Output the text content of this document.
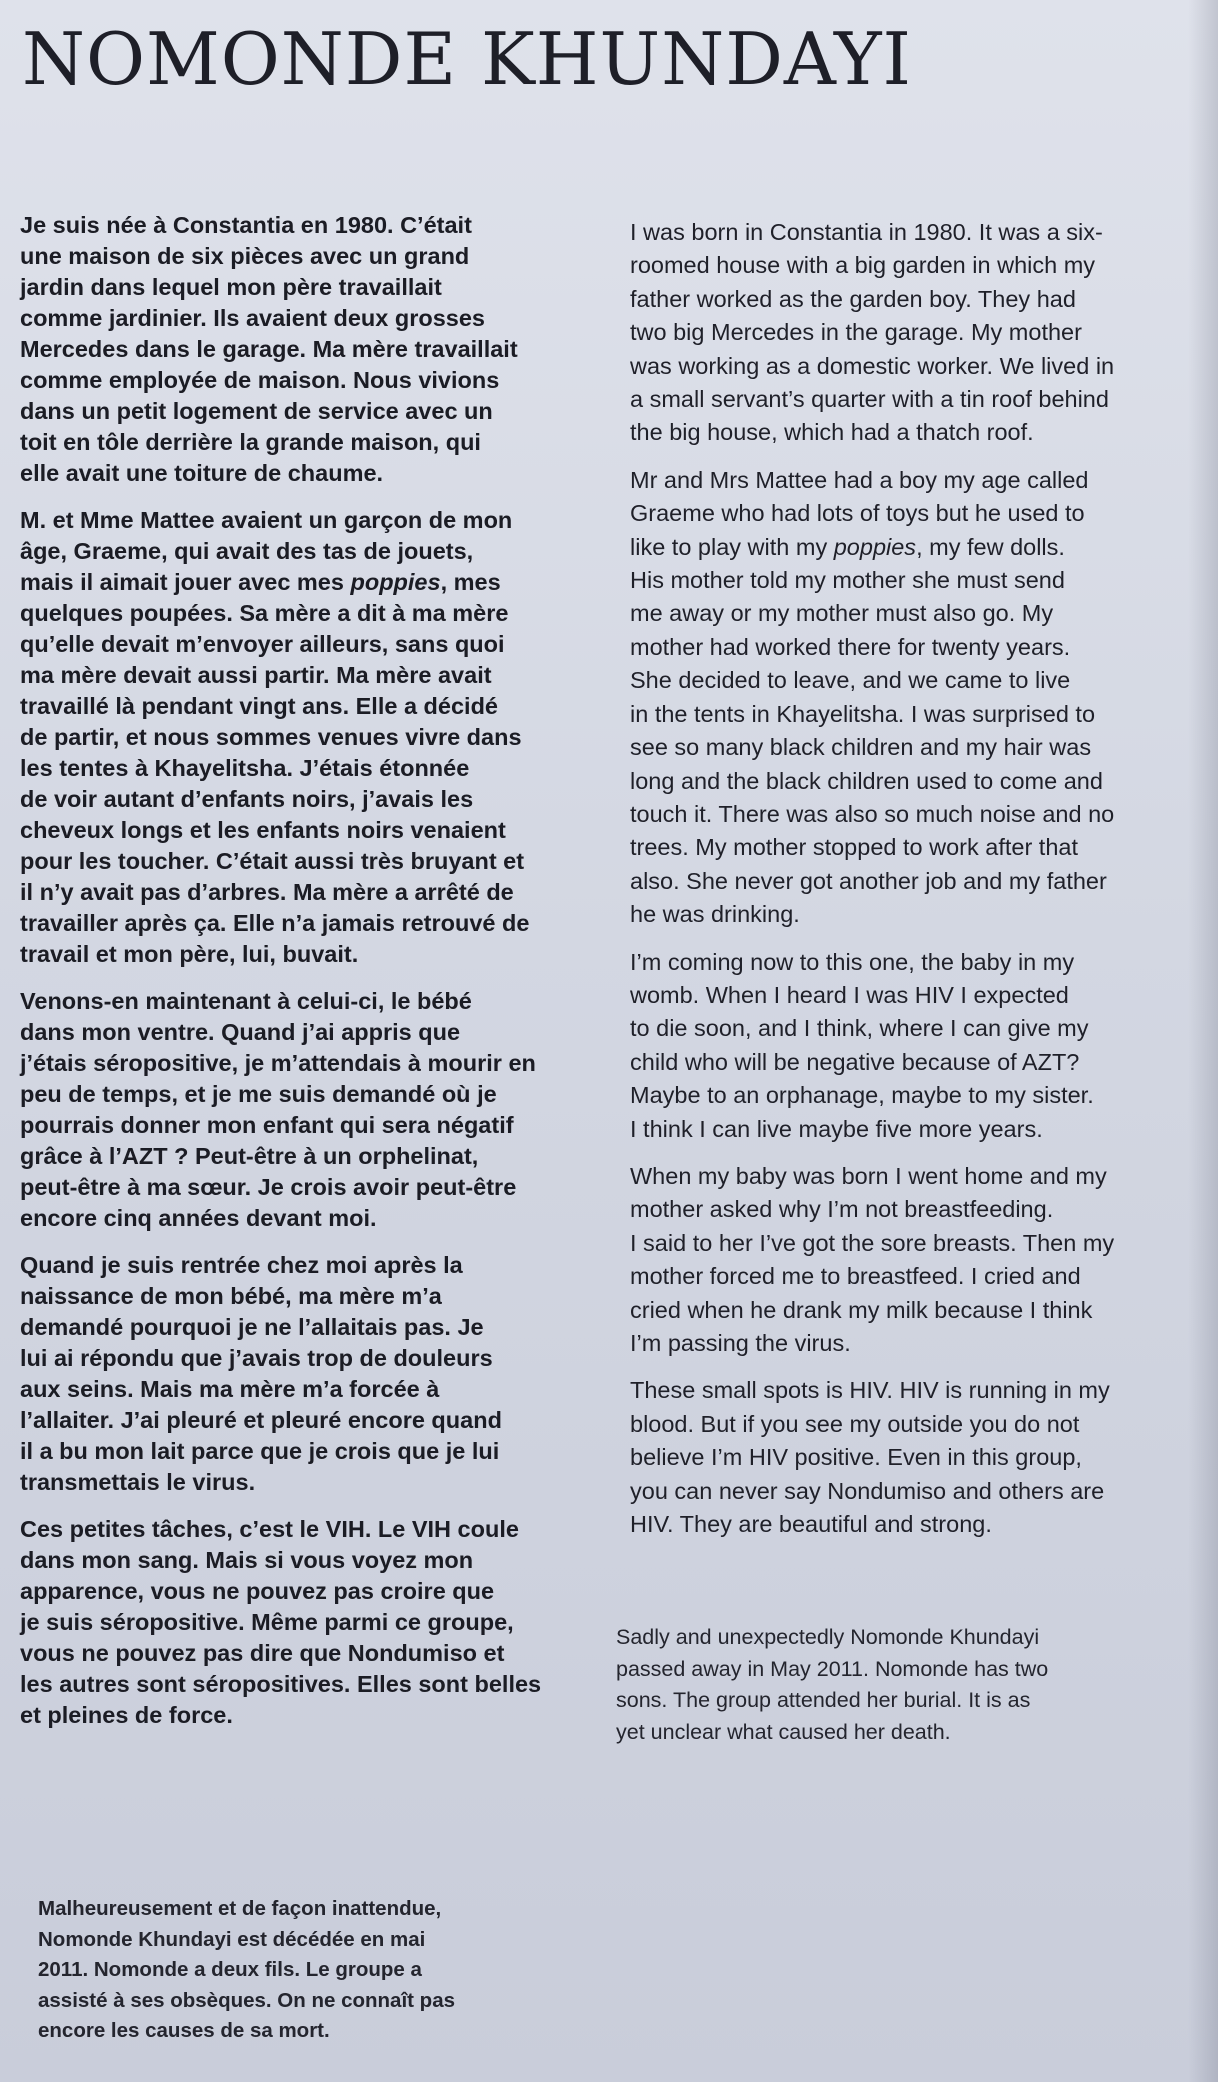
NOMONDE KHUNDAYI

Je suis née à Constantia en 1980. C’était
une maison de six pièces avec un grand
jardin dans lequel mon père travaillait
comme jardinier. Ils avaient deux grosses
Mercedes dans le garage. Ma mère travaillait
comme employée de maison. Nous vivions
dans un petit logement de service avec un
toit en tôle derrière la grande maison, qui
elle avait une toiture de chaume.

M. et Mme Mattee avaient un garçon de mon
âge, Graeme, qui avait des tas de jouets,
mais il aimait jouer avec mes poppies, mes
quelques poupées. Sa mère a dit à ma mère
qu’elle devait m’envoyer ailleurs, sans quoi
ma mère devait aussi partir. Ma mère avait
travaillé là pendant vingt ans. Elle a décidé
de partir, et nous sommes venues vivre dans
les tentes à Khayelitsha. J’étais étonnée
de voir autant d’enfants noirs, j’avais les
cheveux longs et les enfants noirs venaient
pour les toucher. C’était aussi très bruyant et
il n’y avait pas d’arbres. Ma mère a arrêté de
travailler après ça. Elle n’a jamais retrouvé de
travail et mon père, lui, buvait.

Venons-en maintenant à celui-ci, le bébé
dans mon ventre. Quand j’ai appris que
j’étais séropositive, je m’attendais à mourir en
peu de temps, et je me suis demandé où je
pourrais donner mon enfant qui sera négatif
grâce à l’AZT ? Peut-être à un orphelinat,
peut-être à ma sœur. Je crois avoir peut-être
encore cinq années devant moi.

Quand je suis rentrée chez moi après la
naissance de mon bébé, ma mère m’a
demandé pourquoi je ne l’allaitais pas. Je
lui ai répondu que j’avais trop de douleurs
aux seins. Mais ma mère m’a forcée à
l’allaiter. J’ai pleuré et pleuré encore quand
il a bu mon lait parce que je crois que je lui
transmettais le virus.

Ces petites tâches, c’est le VIH. Le VIH coule
dans mon sang. Mais si vous voyez mon
apparence, vous ne pouvez pas croire que
je suis séropositive. Même parmi ce groupe,
vous ne pouvez pas dire que Nondumiso et
les autres sont séropositives. Elles sont belles
et pleines de force.

I was born in Constantia in 1980. It was a six-
roomed house with a big garden in which my
father worked as the garden boy. They had
two big Mercedes in the garage. My mother
was working as a domestic worker. We lived in
a small servant’s quarter with a tin roof behind
the big house, which had a thatch roof.

Mr and Mrs Mattee had a boy my age called
Graeme who had lots of toys but he used to
like to play with my poppies, my few dolls.
His mother told my mother she must send
me away or my mother must also go. My
mother had worked there for twenty years.
She decided to leave, and we came to live
in the tents in Khayelitsha. I was surprised to
see so many black children and my hair was
long and the black children used to come and
touch it. There was also so much noise and no
trees. My mother stopped to work after that
also. She never got another job and my father
he was drinking.

I’m coming now to this one, the baby in my
womb. When I heard I was HIV I expected
to die soon, and I think, where I can give my
child who will be negative because of AZT?
Maybe to an orphanage, maybe to my sister.
I think I can live maybe five more years.

When my baby was born I went home and my
mother asked why I’m not breastfeeding.
I said to her I’ve got the sore breasts. Then my
mother forced me to breastfeed. I cried and
cried when he drank my milk because I think
I’m passing the virus.

These small spots is HIV. HIV is running in my
blood. But if you see my outside you do not
believe I’m HIV positive. Even in this group,
you can never say Nondumiso and others are
HIV. They are beautiful and strong.

Sadly and unexpectedly Nomonde Khundayi
passed away in May 2011. Nomonde has two
sons. The group attended her burial. It is as
yet unclear what caused her death.

Malheureusement et de façon inattendue,
Nomonde Khundayi est décédée en mai
2011. Nomonde a deux fils. Le groupe a
assisté à ses obsèques. On ne connaît pas
encore les causes de sa mort.
